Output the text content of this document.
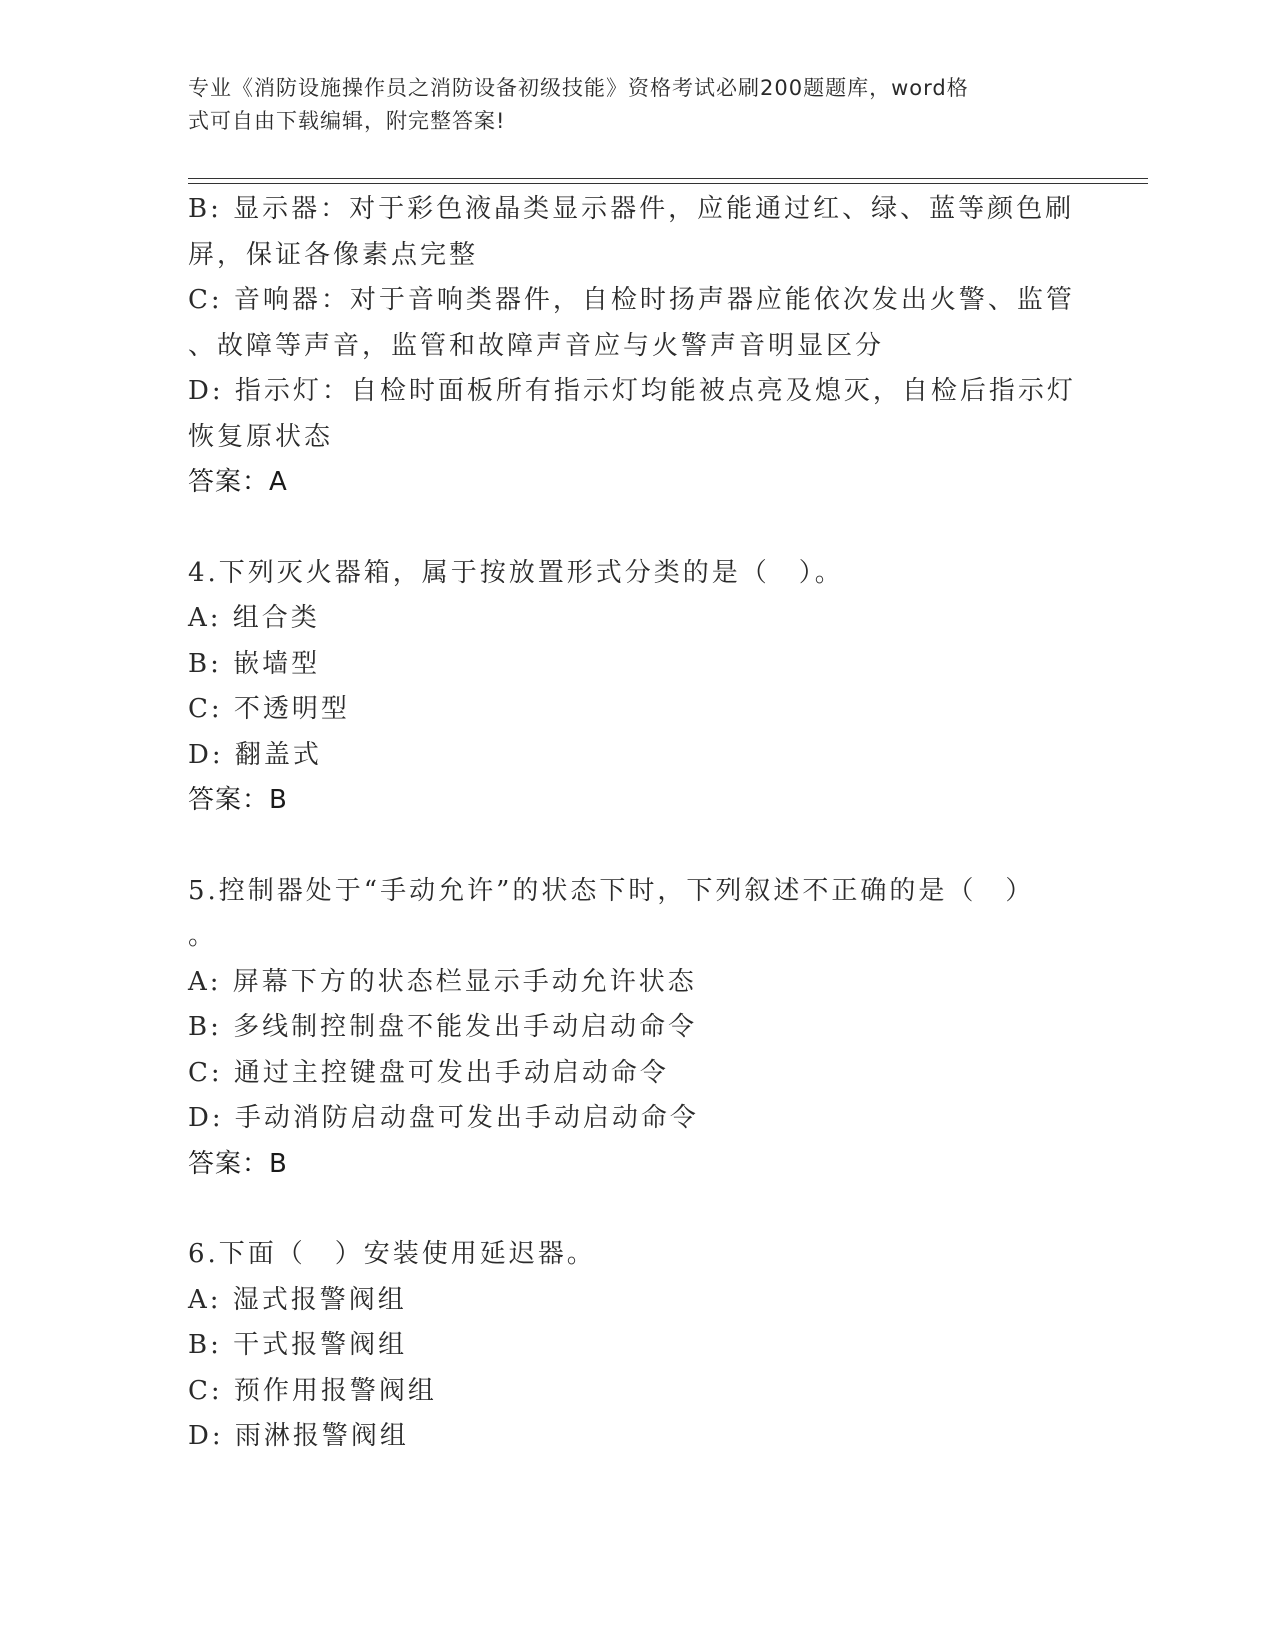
专业《消防设施操作员之消防设备初级技能》资格考试必刷200题题库，word格
式可自由下载编辑，附完整答案!
B: 显示器：对于彩色液晶类显示器件，应能通过红、绿、蓝等颜色刷
屏，保证各像素点完整
C: 音响器：对于音响类器件，自检时扬声器应能依次发出火警、监管
、故障等声音，监管和故障声音应与火警声音明显区分
D: 指示灯：自检时面板所有指示灯均能被点亮及熄灭，自检后指示灯
恢复原状态
答案：A
4.下列灭火器箱，属于按放置形式分类的是（　）。
A: 组合类
B: 嵌墙型
C: 不透明型
D: 翻盖式
答案：B
5.控制器处于“手动允许”的状态下时，下列叙述不正确的是（　）
。
A: 屏幕下方的状态栏显示手动允许状态
B: 多线制控制盘不能发出手动启动命令
C: 通过主控键盘可发出手动启动命令
D: 手动消防启动盘可发出手动启动命令
答案：B
6.下面（　）安装使用延迟器。
A: 湿式报警阀组
B: 干式报警阀组
C: 预作用报警阀组
D: 雨淋报警阀组
